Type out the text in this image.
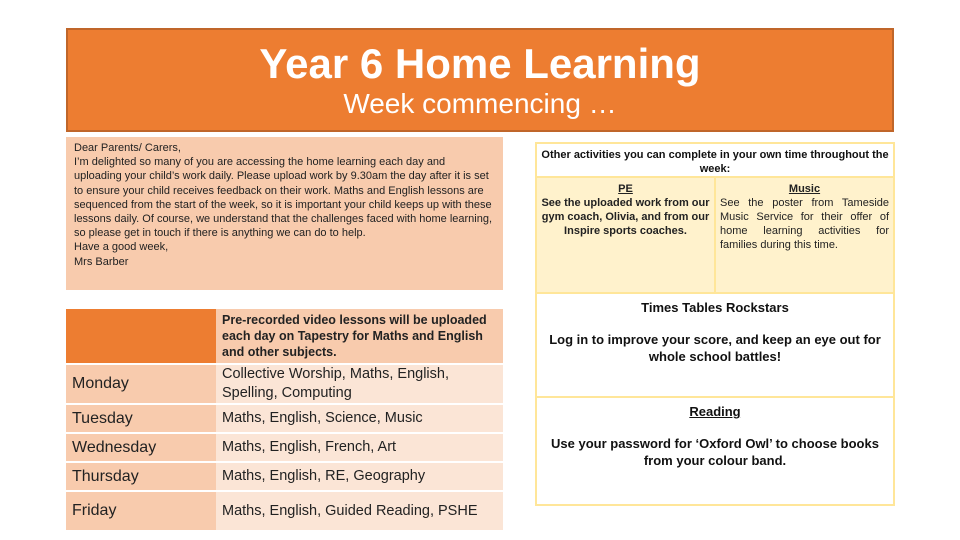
Year 6 Home Learning
Week commencing …

Dear Parents/ Carers,

I’m delighted so many of you are accessing the home learning each day and uploading your child’s work daily. Please upload work by 9.30am the day after it is set to ensure your child receives feedback on their work. Maths and English lessons are sequenced from the start of the week, so it is important your child keeps up with these lessons daily. Of course, we understand that the challenges faced with home learning, so please get in touch if there is anything we can do to help.

Have a good week,

Mrs Barber

	Pre-recorded video lessons will be uploaded each day on Tapestry for Maths and English and other subjects.
Monday	Collective Worship, Maths, English, Spelling, Computing
Tuesday	Maths, English, Science, Music
Wednesday	Maths, English, French, Art
Thursday	Maths, English, RE, Geography
Friday	Maths, English, Guided Reading, PSHE
Other activities you can complete in your own time throughout the week:
PE
See the uploaded work from our gym coach, Olivia, and from our Inspire sports coaches.
Music
See the poster from Tameside Music Service for their offer of home learning activities for families during this time.
Times Tables Rockstars
Log in to improve your score, and keep an eye out for whole school battles!
Reading
Use your password for ‘Oxford Owl’ to choose books from your colour band.
